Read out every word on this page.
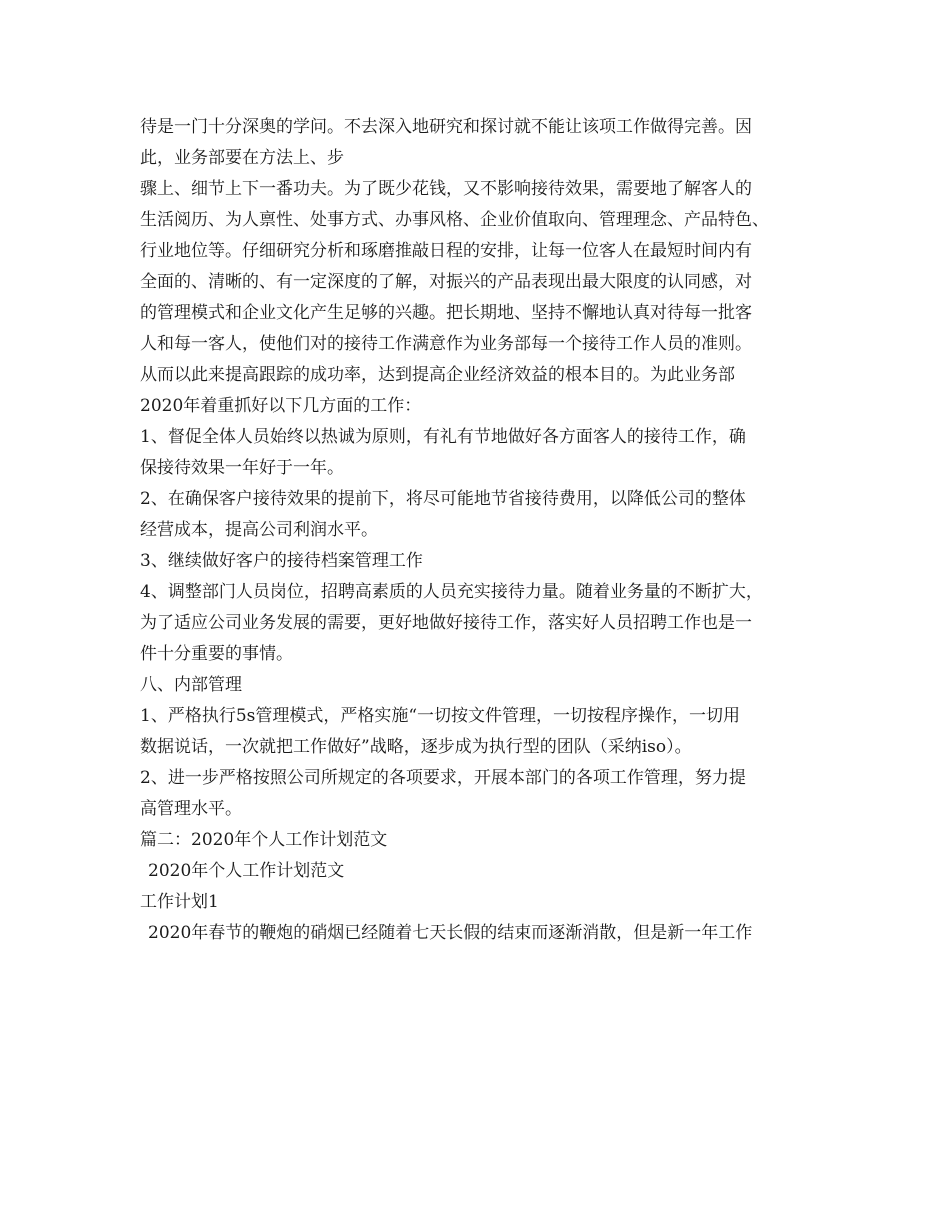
待是一门十分深奥的学问。不去深入地研究和探讨就不能让该项工作做得完善。因
此，业务部要在方法上、步
骤上、细节上下一番功夫。为了既少花钱，又不影响接待效果，需要地了解客人的
生活阅历、为人禀性、处事方式、办事风格、企业价值取向、管理理念、产品特色、
行业地位等。仔细研究分析和琢磨推敲日程的安排，让每一位客人在最短时间内有
全面的、清晰的、有一定深度的了解，对振兴的产品表现出最大限度的认同感，对
的管理模式和企业文化产生足够的兴趣。把长期地、坚持不懈地认真对待每一批客
人和每一客人，使他们对的接待工作满意作为业务部每一个接待工作人员的准则。
从而以此来提高跟踪的成功率，达到提高企业经济效益的根本目的。为此业务部
2020年着重抓好以下几方面的工作：
1、督促全体人员始终以热诚为原则，有礼有节地做好各方面客人的接待工作，确
保接待效果一年好于一年。
2、在确保客户接待效果的提前下，将尽可能地节省接待费用，以降低公司的整体
经营成本，提高公司利润水平。
3、继续做好客户的接待档案管理工作
4、调整部门人员岗位，招聘高素质的人员充实接待力量。随着业务量的不断扩大，
为了适应公司业务发展的需要，更好地做好接待工作，落实好人员招聘工作也是一
件十分重要的事情。
八、内部管理
1、严格执行5s管理模式，严格实施“一切按文件管理，一切按程序操作，一切用
数据说话，一次就把工作做好”战略，逐步成为执行型的团队（采纳iso）。
2、进一步严格按照公司所规定的各项要求，开展本部门的各项工作管理，努力提
高管理水平。
篇二：2020年个人工作计划范文
2020年个人工作计划范文
工作计划1
2020年春节的鞭炮的硝烟已经随着七天长假的结束而逐渐消散，但是新一年工作
